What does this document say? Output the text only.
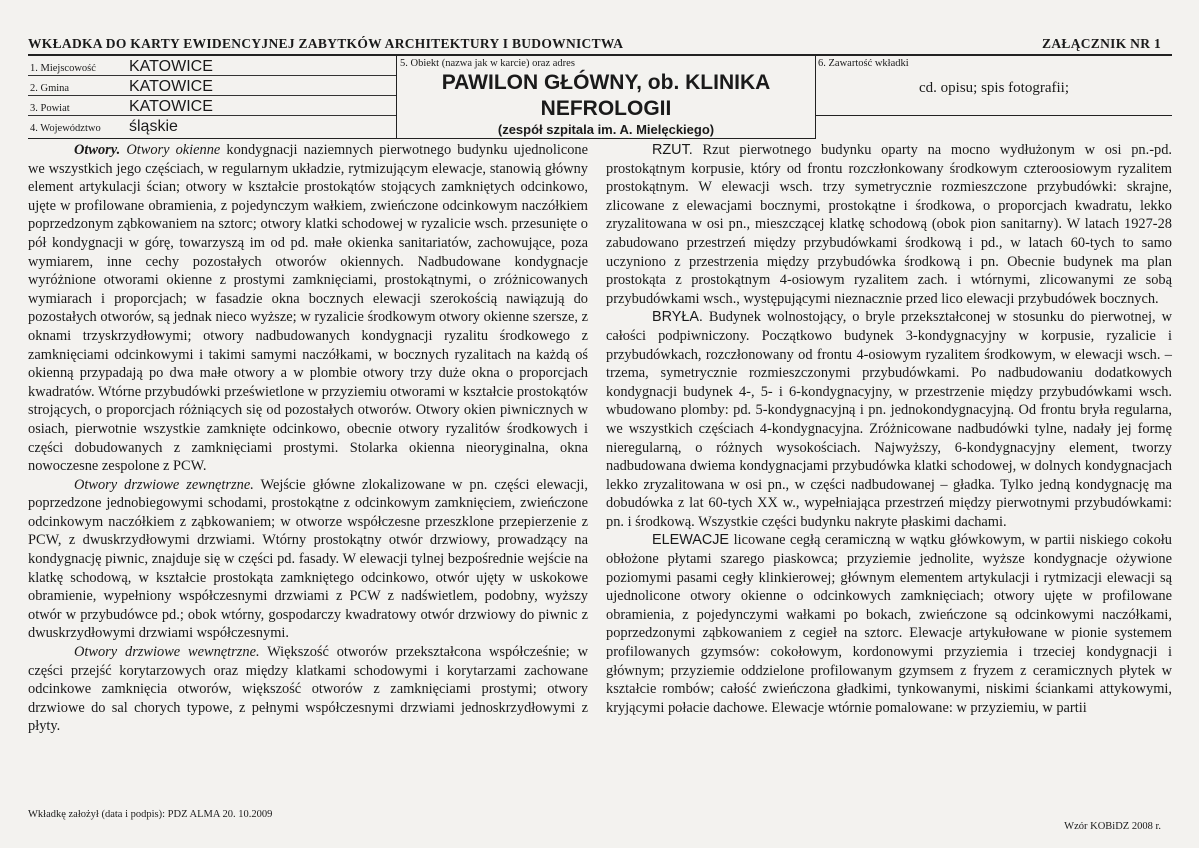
WKŁADKA DO KARTY EWIDENCYJNEJ ZABYTKÓW ARCHITEKTURY I BUDOWNICTWA	ZAŁĄCZNIK NR 1
1. Miejscowość KATOWICE
2. Gmina	KATOWICE
3. Powiat	KATOWICE
4. Województwo śląskie
5. Obiekt (nazwa jak w karcie) oraz adres
PAWILON GŁÓWNY, ob. KLINIKA
NEFROLOGII
(zespół szpitala im. A. Mielęckiego)
6. Zawartość wkładki
cd. opisu; spis fotografii;

Otwory. Otwory okienne kondygnacji naziemnych pierwotnego budynku ujednolicone we wszystkich jego częściach, w regularnym układzie, rytmizującym elewacje, stanowią główny element artykulacji ścian; otwory w kształcie prostokątów stojących zamkniętych odcinkowo, ujęte w profilowane obramienia, z pojedynczym wałkiem, zwieńczone odcinkowym naczółkiem poprzedzonym ząbkowaniem na sztorc; otwory klatki schodowej w ryzalicie wsch. przesunięte o pół kondygnacji w górę, towarzyszą im od pd. małe okienka sanitariatów, zachowujące, poza wymiarem, inne cechy pozostałych otworów okiennych. Nadbudowane kondygnacje wyróżnione otworami okienne z prostymi zamknięciami, prostokątnymi, o zróżnicowanych wymiarach i proporcjach; w fasadzie okna bocznych elewacji szerokością nawiązują do pozostałych otworów, są jednak nieco wyższe; w ryzalicie środkowym otwory okienne szersze, z oknami trzyskrzydłowymi; otwory nadbudowanych kondygnacji ryzalitu środkowego z zamknięciami odcinkowymi i takimi samymi naczółkami, w bocznych ryzalitach na każdą oś okienną przypadają po dwa małe otwory a w plombie otwory trzy duże okna o proporcjach kwadratów. Wtórne przybudówki prześwietlone w przyziemiu otworami w kształcie prostokątów strojących, o proporcjach różniących się od pozostałych otworów. Otwory okien piwnicznych w osiach, pierwotnie wszystkie zamknięte odcinkowo, obecnie otwory ryzalitów środkowych i części dobudowanych z zamknięciami prostymi. Stolarka okienna nieoryginalna, okna nowoczesne zespolone z PCW.

Otwory drzwiowe zewnętrzne. Wejście główne zlokalizowane w pn. części elewacji, poprzedzone jednobiegowymi schodami, prostokątne z odcinkowym zamknięciem, zwieńczone odcinkowym naczółkiem z ząbkowaniem; w otworze współczesne przeszklone przepierzenie z PCW, z dwuskrzydłowymi drzwiami. Wtórny prostokątny otwór drzwiowy, prowadzący na kondygnację piwnic, znajduje się w części pd. fasady. W elewacji tylnej bezpośrednie wejście na klatkę schodową, w kształcie prostokąta zamkniętego odcinkowo, otwór ujęty w uskokowe obramienie, wypełniony współczesnymi drzwiami z PCW z nadświetlem, podobny, wyższy otwór w przybudówce pd.; obok wtórny, gospodarczy kwadratowy otwór drzwiowy do piwnic z dwuskrzydłowymi drzwiami współczesnymi.

Otwory drzwiowe wewnętrzne. Większość otworów przekształcona współcześnie; w części przejść korytarzowych oraz między klatkami schodowymi i korytarzami zachowane odcinkowe zamknięcia otworów, większość otworów z zamknięciami prostymi; otwory drzwiowe do sal chorych typowe, z pełnymi współczesnymi drzwiami jednoskrzydłowymi z płyty.

RZUT. Rzut pierwotnego budynku oparty na mocno wydłużonym w osi pn.-pd. prostokątnym korpusie, który od frontu rozczłonkowany środkowym czteroosiowym ryzalitem prostokątnym. W elewacji wsch. trzy symetrycznie rozmieszczone przybudówki: skrajne, zlicowane z elewacjami bocznymi, prostokątne i środkowa, o proporcjach kwadratu, lekko zryzalitowana w osi pn., mieszczącej klatkę schodową (obok pion sanitarny). W latach 1927-28 zabudowano przestrzeń między przybudówkami środkową i pd., w latach 60-tych to samo uczyniono z przestrzenia między przybudówka środkową i pn. Obecnie budynek ma plan prostokąta z prostokątnym 4-osiowym ryzalitem zach. i wtórnymi, zlicowanymi ze sobą przybudówkami wsch., występującymi nieznacznie przed lico elewacji przybudówek bocznych.

BRYŁA. Budynek wolnostojący, o bryle przekształconej w stosunku do pierwotnej, w całości podpiwniczony. Początkowo budynek 3-kondygnacyjny w korpusie, ryzalicie i przybudówkach, rozczłonowany od frontu 4-osiowym ryzalitem środkowym, w elewacji wsch. – trzema, symetrycznie rozmieszczonymi przybudówkami. Po nadbudowaniu dodatkowych kondygnacji budynek 4-, 5- i 6-kondygnacyjny, w przestrzenie między przybudówkami wsch. wbudowano plomby: pd. 5-kondygnacyjną i pn. jednokondygnacyjną. Od frontu bryła regularna, we wszystkich częściach 4-kondygnacyjna. Zróżnicowane nadbudówki tylne, nadały jej formę nieregularną, o różnych wysokościach. Najwyższy, 6-kondygnacyjny element, tworzy nadbudowana dwiema kondygnacjami przybudówka klatki schodowej, w dolnych kondygnacjach lekko zryzalitowana w osi pn., w części nadbudowanej – gładka. Tylko jedną kondygnację ma dobudówka z lat 60-tych XX w., wypełniająca przestrzeń między pierwotnymi przybudówkami: pn. i środkową. Wszystkie części budynku nakryte płaskimi dachami.

ELEWACJE licowane cegłą ceramiczną w wątku główkowym, w partii niskiego cokołu obłożone płytami szarego piaskowca; przyziemie jednolite, wyższe kondygnacje ożywione poziomymi pasami cegły klinkierowej; głównym elementem artykulacji i rytmizacji elewacji są ujednolicone otwory okienne o odcinkowych zamknięciach; otwory ujęte w profilowane obramienia, z pojedynczymi wałkami po bokach, zwieńczone są odcinkowymi naczółkami, poprzedzonymi ząbkowaniem z cegieł na sztorc. Elewacje artykułowane w pionie systemem profilowanych gzymsów: cokołowym, kordonowymi przyziemia i trzeciej kondygnacji i głównym; przyziemie oddzielone profilowanym gzymsem z fryzem z ceramicznych płytek w kształcie rombów; całość zwieńczona gładkimi, tynkowanymi, niskimi ściankami attykowymi, kryjącymi połacie dachowe. Elewacje wtórnie pomalowane: w przyziemiu, w partii

Wkładkę założył (data i podpis): PDZ ALMA 20. 10.2009
Wzór KOBiDZ 2008 r.
